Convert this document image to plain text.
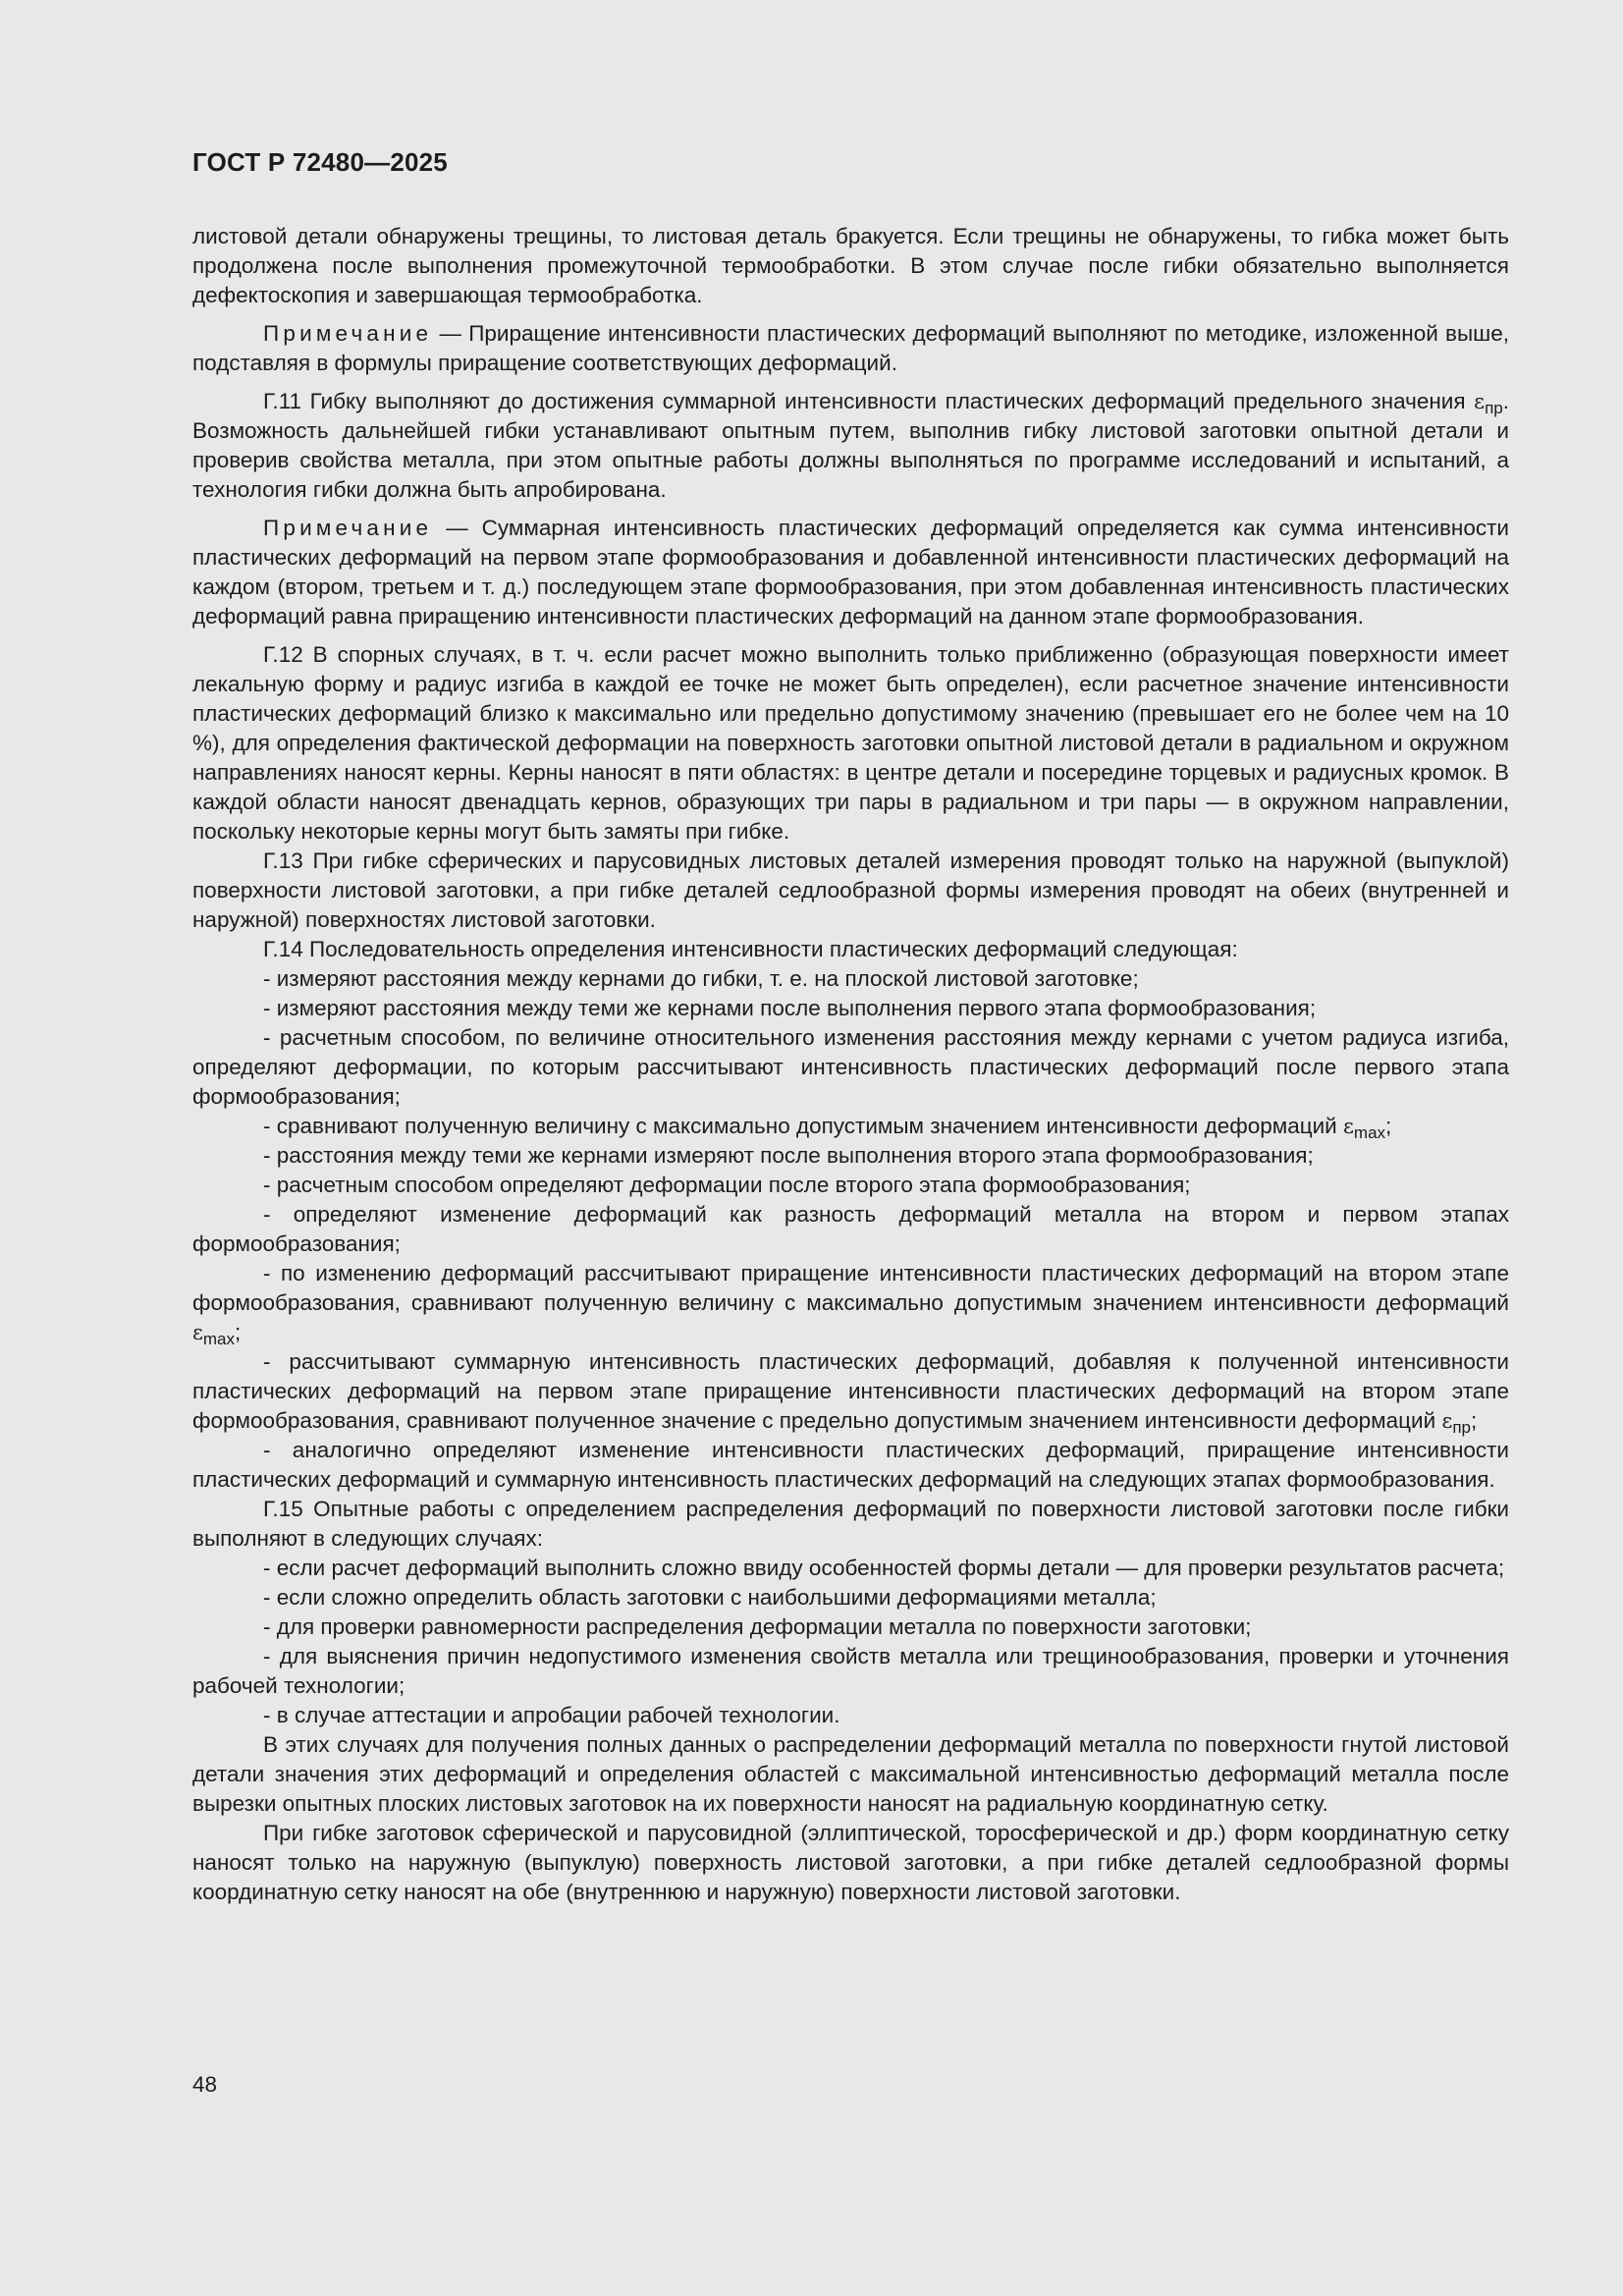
ГОСТ Р 72480—2025

листовой детали обнаружены трещины, то листовая деталь бракуется. Если трещины не обнаружены, то гибка может быть продолжена после выполнения промежуточной термообработки. В этом случае после гибки обязательно выполняется дефектоскопия и завершающая термообработка.

Примечание — Приращение интенсивности пластических деформаций выполняют по методике, изложенной выше, подставляя в формулы приращение соответствующих деформаций.

Г.11 Гибку выполняют до достижения суммарной интенсивности пластических деформаций предельного значения $\varepsilon_{пр}$. Возможность дальнейшей гибки устанавливают опытным путем, выполнив гибку листовой заготовки опытной детали и проверив свойства металла, при этом опытные работы должны выполняться по программе исследований и испытаний, а технология гибки должна быть апробирована.

Примечание — Суммарная интенсивность пластических деформаций определяется как сумма интенсивности пластических деформаций на первом этапе формообразования и добавленной интенсивности пластических деформаций на каждом (втором, третьем и т. д.) последующем этапе формообразования, при этом добавленная интенсивность пластических деформаций равна приращению интенсивности пластических деформаций на данном этапе формообразования.

Г.12 В спорных случаях, в т. ч. если расчет можно выполнить только приближенно (образующая поверхности имеет лекальную форму и радиус изгиба в каждой ее точке не может быть определен), если расчетное значение интенсивности пластических деформаций близко к максимально или предельно допустимому значению (превышает его не более чем на 10 %), для определения фактической деформации на поверхность заготовки опытной листовой детали в радиальном и окружном направлениях наносят керны. Керны наносят в пяти областях: в центре детали и посередине торцевых и радиусных кромок. В каждой области наносят двенадцать кернов, образующих три пары в радиальном и три пары — в окружном направлении, поскольку некоторые керны могут быть замяты при гибке.

Г.13 При гибке сферических и парусовидных листовых деталей измерения проводят только на наружной (выпуклой) поверхности листовой заготовки, а при гибке деталей седлообразной формы измерения проводят на обеих (внутренней и наружной) поверхностях листовой заготовки.

Г.14 Последовательность определения интенсивности пластических деформаций следующая:

- измеряют расстояния между кернами до гибки, т. е. на плоской листовой заготовке;

- измеряют расстояния между теми же кернами после выполнения первого этапа формообразования;

- расчетным способом, по величине относительного изменения расстояния между кернами с учетом радиуса изгиба, определяют деформации, по которым рассчитывают интенсивность пластических деформаций после первого этапа формообразования;

- сравнивают полученную величину с максимально допустимым значением интенсивности деформаций $\varepsilon_{max}$;

- расстояния между теми же кернами измеряют после выполнения второго этапа формообразования;

- расчетным способом определяют деформации после второго этапа формообразования;

- определяют изменение деформаций как разность деформаций металла на втором и первом этапах формообразования;

- по изменению деформаций рассчитывают приращение интенсивности пластических деформаций на втором этапе формообразования, сравнивают полученную величину с максимально допустимым значением интенсивности деформаций $\varepsilon_{max}$;

- рассчитывают суммарную интенсивность пластических деформаций, добавляя к полученной интенсивности пластических деформаций на первом этапе приращение интенсивности пластических деформаций на втором этапе формообразования, сравнивают полученное значение с предельно допустимым значением интенсивности деформаций $\varepsilon_{пр}$;

- аналогично определяют изменение интенсивности пластических деформаций, приращение интенсивности пластических деформаций и суммарную интенсивность пластических деформаций на следующих этапах формообразования.

Г.15 Опытные работы с определением распределения деформаций по поверхности листовой заготовки после гибки выполняют в следующих случаях:

- если расчет деформаций выполнить сложно ввиду особенностей формы детали — для проверки результатов расчета;

- если сложно определить область заготовки с наибольшими деформациями металла;

- для проверки равномерности распределения деформации металла по поверхности заготовки;

- для выяснения причин недопустимого изменения свойств металла или трещинообразования, проверки и уточнения рабочей технологии;

- в случае аттестации и апробации рабочей технологии.

В этих случаях для получения полных данных о распределении деформаций металла по поверхности гнутой листовой детали значения этих деформаций и определения областей с максимальной интенсивностью деформаций металла после вырезки опытных плоских листовых заготовок на их поверхности наносят на радиальную координатную сетку.

При гибке заготовок сферической и парусовидной (эллиптической, торосферической и др.) форм координатную сетку наносят только на наружную (выпуклую) поверхность листовой заготовки, а при гибке деталей седлообразной формы координатную сетку наносят на обе (внутреннюю и наружную) поверхности листовой заготовки.

48
